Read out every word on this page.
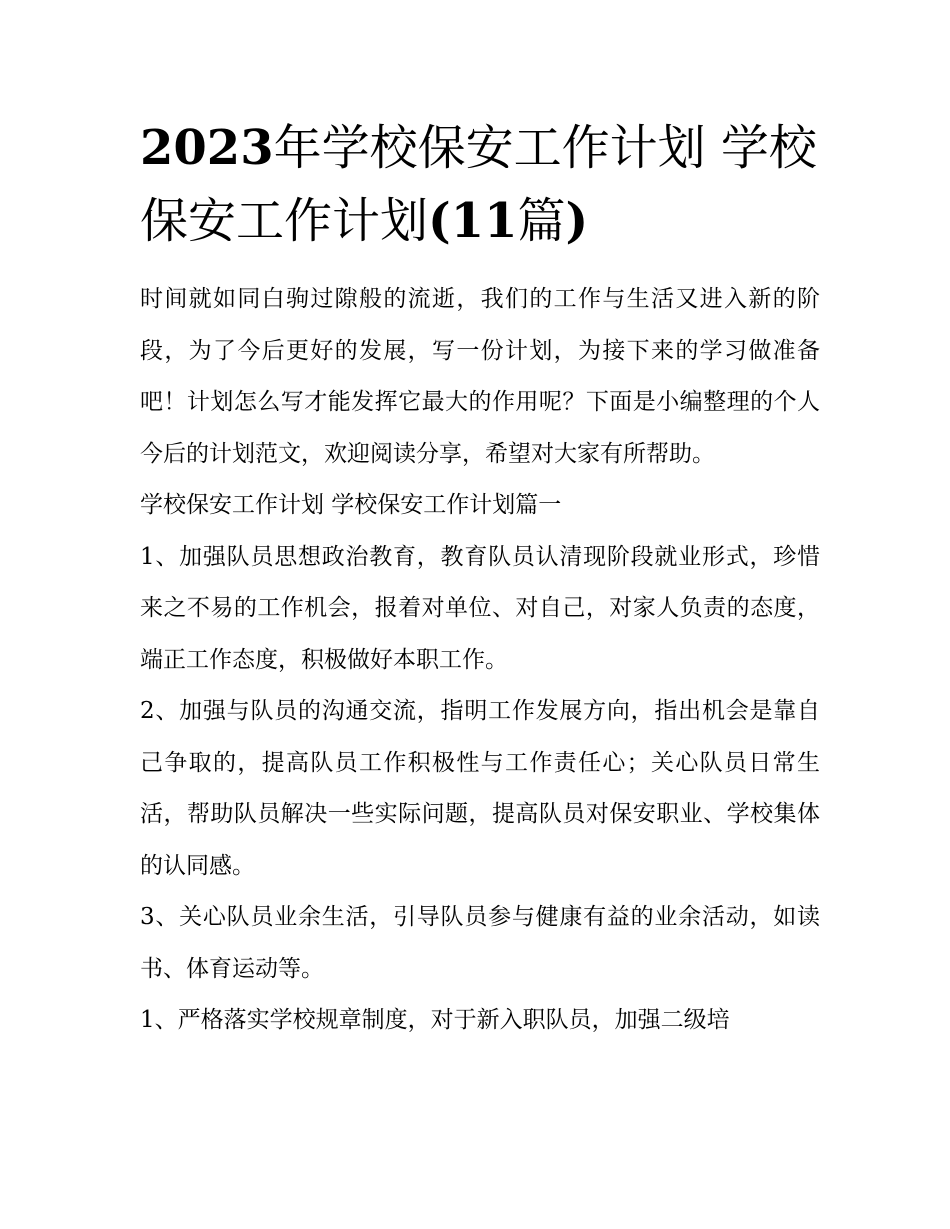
2023年学校保安工作计划 学校保安工作计划(11篇)

时间就如同白驹过隙般的流逝，我们的工作与生活又进入新的阶段，为了今后更好的发展，写一份计划，为接下来的学习做准备吧！计划怎么写才能发挥它最大的作用呢？下面是小编整理的个人今后的计划范文，欢迎阅读分享，希望对大家有所帮助。

学校保安工作计划 学校保安工作计划篇一

1、加强队员思想政治教育，教育队员认清现阶段就业形式，珍惜来之不易的工作机会，报着对单位、对自己，对家人负责的态度，端正工作态度，积极做好本职工作。

2、加强与队员的沟通交流，指明工作发展方向，指出机会是靠自己争取的，提高队员工作积极性与工作责任心；关心队员日常生活，帮助队员解决一些实际问题，提高队员对保安职业、学校集体的认同感。

3、关心队员业余生活，引导队员参与健康有益的业余活动，如读书、体育运动等。

1、严格落实学校规章制度，对于新入职队员，加强二级培
